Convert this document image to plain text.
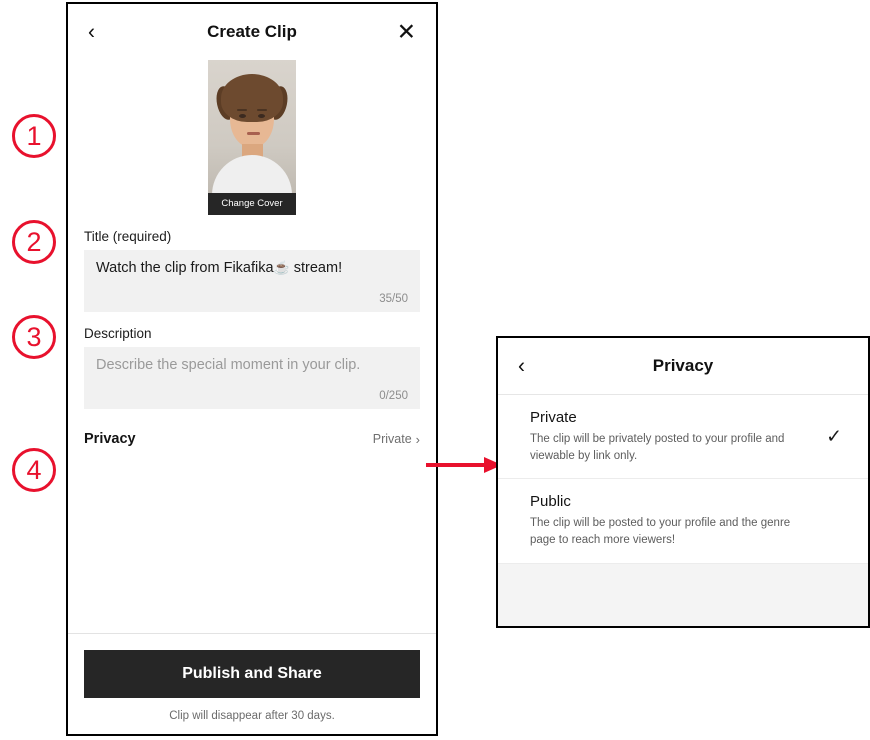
1
2
3
4
‹	Create Clip	✕
Change Cover
Title (required)
Watch the clip from Fikafika☕ stream!
35/50
Description
Describe the special moment in your clip.
0/250
Privacy	Private ›
Publish and Share
Clip will disappear after 30 days.
‹	Privacy
Private
The clip will be privately posted to your profile and viewable by link only.
✓
Public
The clip will be posted to your profile and the genre page to reach more viewers!
